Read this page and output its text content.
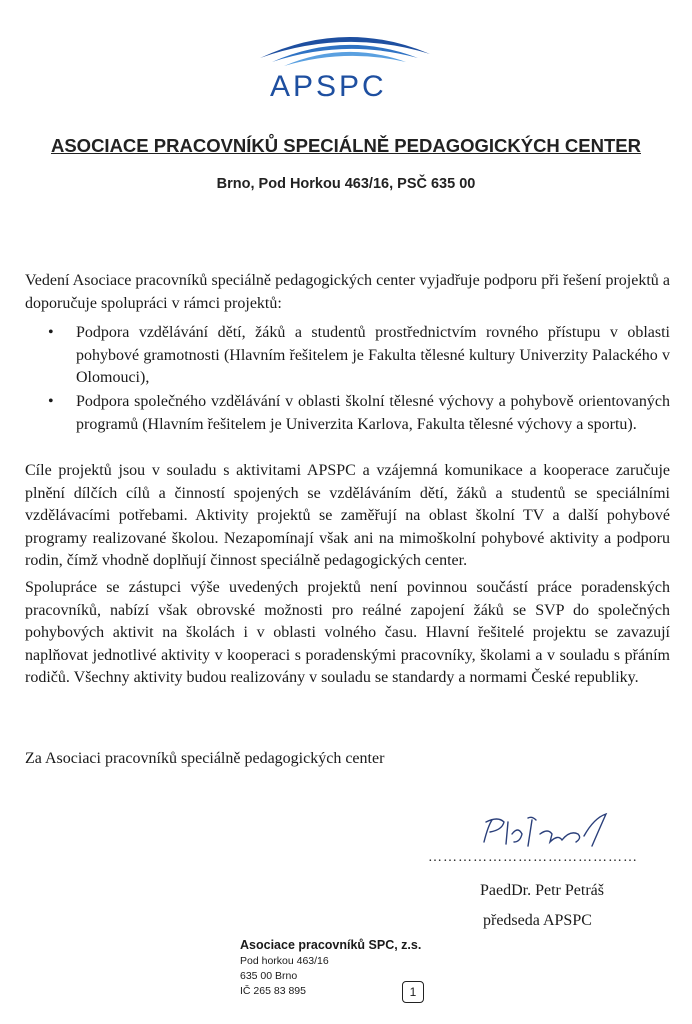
APSPC
ASOCIACE PRACOVNÍKŮ SPECIÁLNĚ PEDAGOGICKÝCH CENTER
Brno, Pod Horkou 463/16, PSČ 635 00

Vedení Asociace pracovníků speciálně pedagogických center vyjadřuje podporu při řešení projektů a doporučuje spolupráci v rámci projektů:

•	Podpora vzdělávání dětí, žáků a studentů prostřednictvím rovného přístupu v oblasti pohybové gramotnosti (Hlavním řešitelem je Fakulta tělesné kultury Univerzity Palackého v Olomouci),
•	Podpora společného vzdělávání v oblasti školní tělesné výchovy a pohybově orientovaných programů (Hlavním řešitelem je Univerzita Karlova, Fakulta tělesné výchovy a sportu).

Cíle projektů jsou v souladu s aktivitami APSPC a vzájemná komunikace a kooperace zaručuje plnění dílčích cílů a činností spojených se vzděláváním dětí, žáků a studentů se speciálními vzdělávacími potřebami. Aktivity projektů se zaměřují na oblast školní TV a další pohybové programy realizované školou. Nezapomínají však ani na mimoškolní pohybové aktivity a podporu rodin, čímž vhodně doplňují činnost speciálně pedagogických center.

Spolupráce se zástupci výše uvedených projektů není povinnou součástí práce poradenských pracovníků, nabízí však obrovské možnosti pro reálné zapojení žáků se SVP do společných pohybových aktivit na školách i v oblasti volného času. Hlavní řešitelé projektu se zavazují naplňovat jednotlivé aktivity v kooperaci s poradenskými pracovníky, školami a v souladu s přáním rodičů. Všechny aktivity budou realizovány v souladu se standardy a normami České republiky.

Za Asociaci pracovníků speciálně pedagogických center
……………………………………
PaedDr. Petr Petráš
předseda APSPC
Asociace pracovníků SPC, z.s.
Pod horkou 463/16
635 00 Brno
IČ 265 83 895	1
